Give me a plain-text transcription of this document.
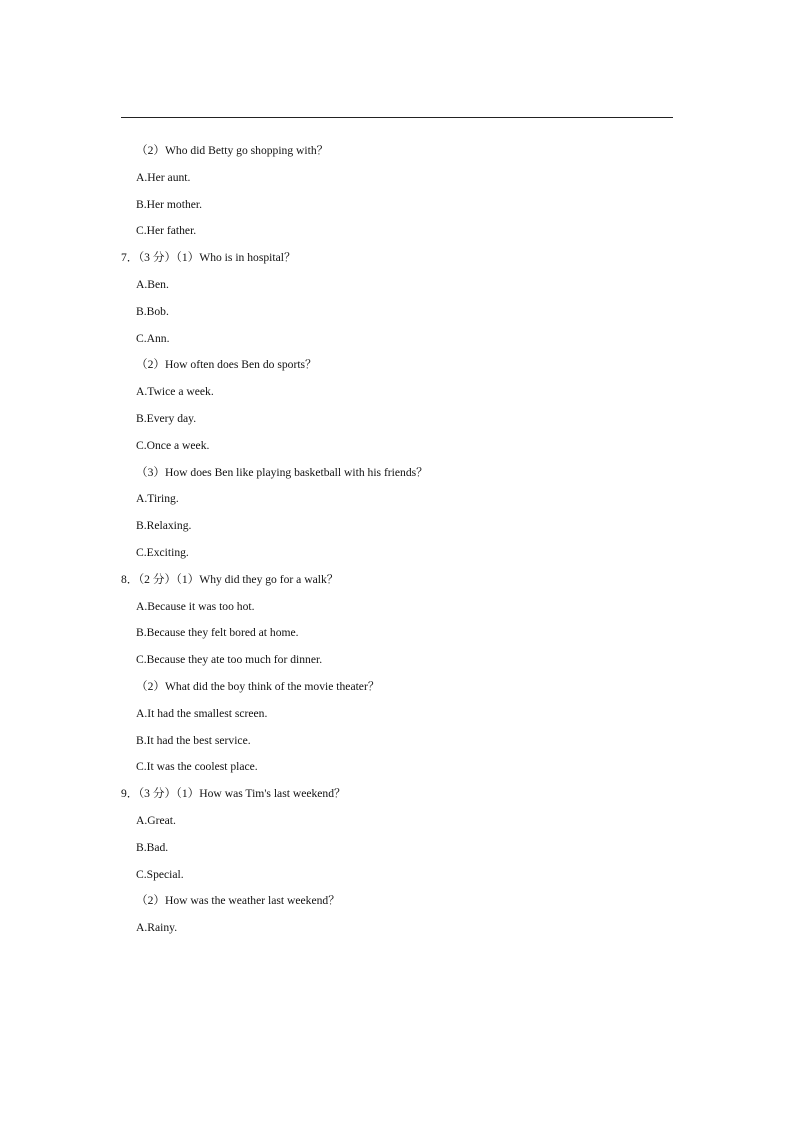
（2）Who did Betty go shopping with？
A.Her aunt.
B.Her mother.
C.Her father.
7．（3 分）（1）Who is in hospital？
A.Ben.
B.Bob.
C.Ann.
（2）How often does Ben do sports？
A.Twice a week.
B.Every day.
C.Once a week.
（3）How does Ben like playing basketball with his friends？
A.Tiring.
B.Relaxing.
C.Exciting.
8．（2 分）（1）Why did they go for a walk？
A.Because it was too hot.
B.Because they felt bored at home.
C.Because they ate too much for dinner.
（2）What did the boy think of the movie theater？
A.It had the smallest screen.
B.It had the best service.
C.It was the coolest place.
9．（3 分）（1）How was Tim's last weekend？
A.Great.
B.Bad.
C.Special.
（2）How was the weather last weekend？
A.Rainy.
